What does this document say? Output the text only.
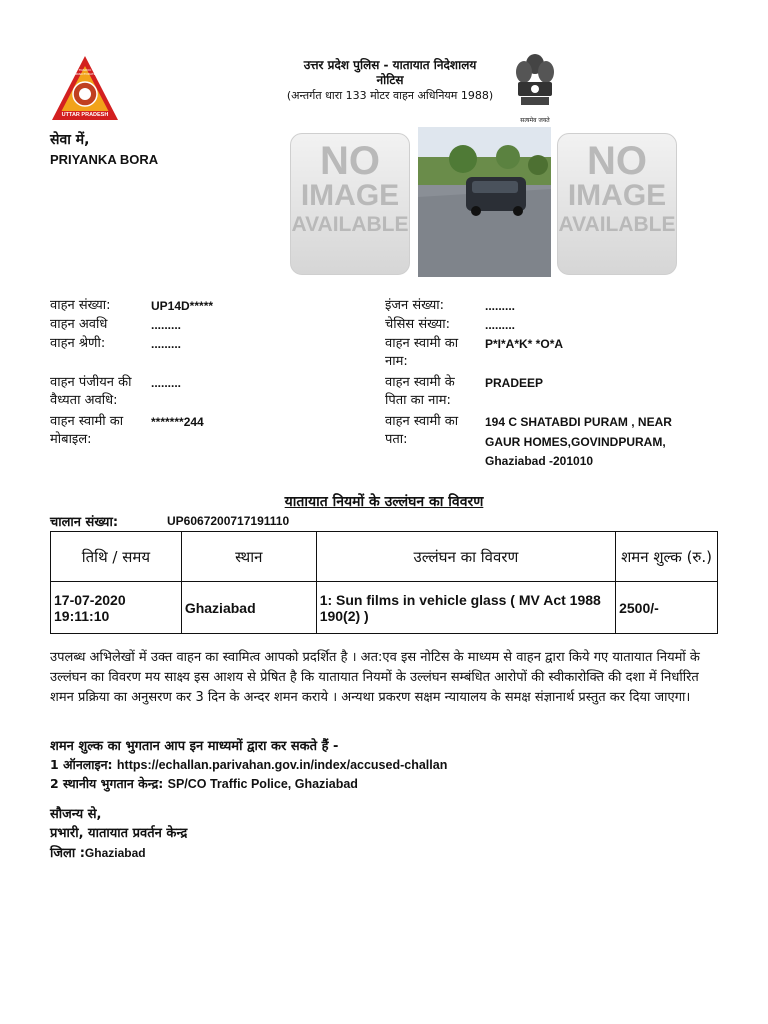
UTTAR PRADESH
TRAFFIC DIRECTORATE
उत्तर प्रदेश पुलिस - यातायात निदेशालय
नोटिस
(अन्तर्गत धारा 133 मोटर वाहन अधिनियम 1988)
सत्यमेव जयते
सेवा में,
PRIYANKA BORA	NO
IMAGE
AVAILABLE
NO
IMAGE
AVAILABLE
वाहन संख्या:	UP14D*****
वाहन अवधि	.........
वाहन श्रेणी:	.........
वाहन पंजीयन की वैध्यता अवधि:
.........
वाहन स्वामी का मोबाइल:
*******244
इंजन संख्या:	.........
चेसिस संख्या:	.........
वाहन स्वामी का नाम:
P*I*A*K* *O*A
वाहन स्वामी के पिता का नाम:
PRADEEP
वाहन स्वामी का पता:
194 C SHATABDI PURAM , NEAR GAUR HOMES,GOVINDPURAM, Ghaziabad -201010
यातायात नियमों के उल्लंघन का विवरण
चालान संख्या:	UP6067200717191110
तिथि / समय	स्थान	उल्लंघन का विवरण	शमन शुल्क (रु.)
17-07-2020 19:11:10	Ghaziabad	1: Sun films in vehicle glass ( MV Act 1988 190(2) )	2500/-
उपलब्ध अभिलेखों में उक्त वाहन का स्वामित्व आपको प्रदर्शित है । अत:एव इस नोटिस के माध्यम से वाहन द्वारा किये गए यातायात नियमों के उल्लंघन का विवरण मय साक्ष्य इस आशय से प्रेषित है कि यातायात नियमों के उल्लंघन सम्बंधित आरोपों की स्वीकारोक्ति की दशा में निर्धारित शमन प्रक्रिया का अनुसरण कर 3 दिन के अन्दर शमन कराये । अन्यथा प्रकरण सक्षम न्यायालय के समक्ष संज्ञानार्थ प्रस्तुत कर दिया जाएगा।
शमन शुल्क का भुगतान आप इन माध्यमों द्वारा कर सकते हैं -
1 ऑनलाइन: https://echallan.parivahan.gov.in/index/accused-challan
2 स्थानीय भुगतान केन्द्र: SP/CO Traffic Police, Ghaziabad
सौजन्य से,
प्रभारी, यातायात प्रवर्तन केन्द्र
जिला :Ghaziabad
